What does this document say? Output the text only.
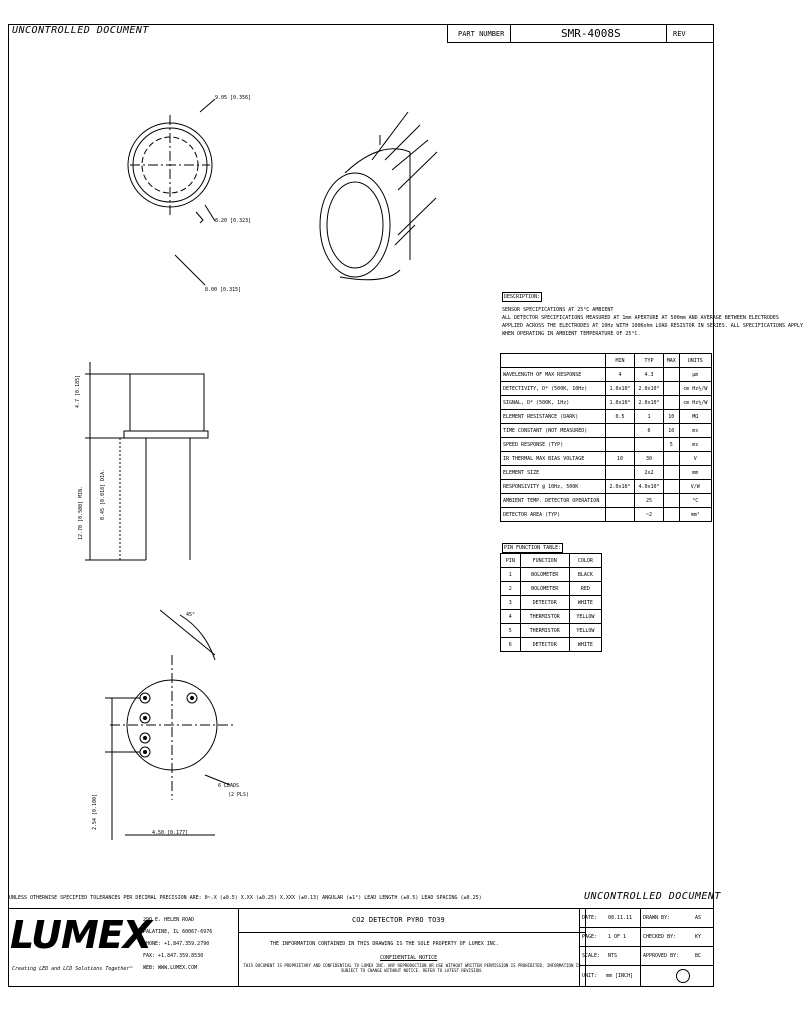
UNCONTROLLED DOCUMENT	PART NUMBER	SMR-4008S	REV
9.05 [0.356]
8.20 [0.323]
8.00 [0.315]
4.7 [0.185]
12.70 [0.500] MIN.	0.45 [0.018] DIA.
45°
6 LEADS
(2 PLS)
4.50 [0.177]
2.54 [0.100]
DESCRIPTION:
SENSOR SPECIFICATIONS AT 25°C AMBIENT
ALL DETECTOR SPECIFICATIONS MEASURED AT 1mm APERTURE AT 500mm AND AVERAGE BETWEEN ELECTRODES
APPLIED ACROSS THE ELECTRODES AT 10Hz WITH 100Kohm LOAD RESISTOR IN SERIES. ALL SPECIFICATIONS APPLY
WHEN OPERATING IN AMBIENT TEMPERATURE OF 25°C.
	MIN	TYP	MAX	UNITS
WAVELENGTH OF MAX RESPONSE	4	4.3		µm
DETECTIVITY, D* (500K, 10Hz)	1.0x10⁸	2.0x10⁸		cm Hz½/W
SIGNAL, D* (500K, 1Hz)	1.0x10⁸	2.0x10⁸		cm Hz½/W
ELEMENT RESISTANCE (DARK)	0.5	1	10	MΩ
TIME CONSTANT (NOT MEASURED)		6	10	ms
SPEED RESPONSE (TYP)			5	ms
IR THERMAL MAX BIAS VOLTAGE	10	30		V
ELEMENT SIZE		2x2		mm
RESPONSIVITY @ 10Hz, 500K	2.0x10⁸	4.0x10⁸		V/W
AMBIENT TEMP. DETECTOR OPERATION		25		°C
DETECTOR AREA (TYP)		~2		mm²
PIN FUNCTION TABLE:
PIN	FUNCTION	COLOR
1	BOLOMETER	BLACK
2	BOLOMETER	RED
3	DETECTOR	WHITE
4	THERMISTOR	YELLOW
5	THERMISTOR	YELLOW
6	DETECTOR	WHITE
UNLESS OTHERWISE SPECIFIED TOLERANCES PER DECIMAL PRECISION ARE: 0~.X (±0.5) X.XX (±0.25) X.XXX (±0.13) ANGULAR (±1°) LEAD LENGTH (±0.5) LEAD SPACING (±0.25)	UNCONTROLLED DOCUMENT
LUMEX
Creating LED and LCD Solutions Together™
290 E. HELEN ROAD
PALATINE, IL 60067-6976
PHONE: +1.847.359.2790
FAX: +1.847.359.8530
WEB: WWW.LUMEX.COM
CO2 DETECTOR PYRO TO39
THE INFORMATION CONTAINED IN THIS DRAWING IS THE SOLE PROPERTY OF LUMEX INC.
CONFIDENTIAL NOTICE
THIS DOCUMENT IS PROPRIETARY AND CONFIDENTIAL TO LUMEX INC. ANY REPRODUCTION OR USE WITHOUT WRITTEN PERMISSION IS PROHIBITED. INFORMATION IS SUBJECT TO CHANGE WITHOUT NOTICE. REFER TO LATEST REVISION.
DATE: 08.11.11 DRAWN BY:	AS
PAGE: 1 OF 1	CHECKED BY:	KY
SCALE: NTS	APPROVED BY:	BC
UNIT: mm [INCH]
